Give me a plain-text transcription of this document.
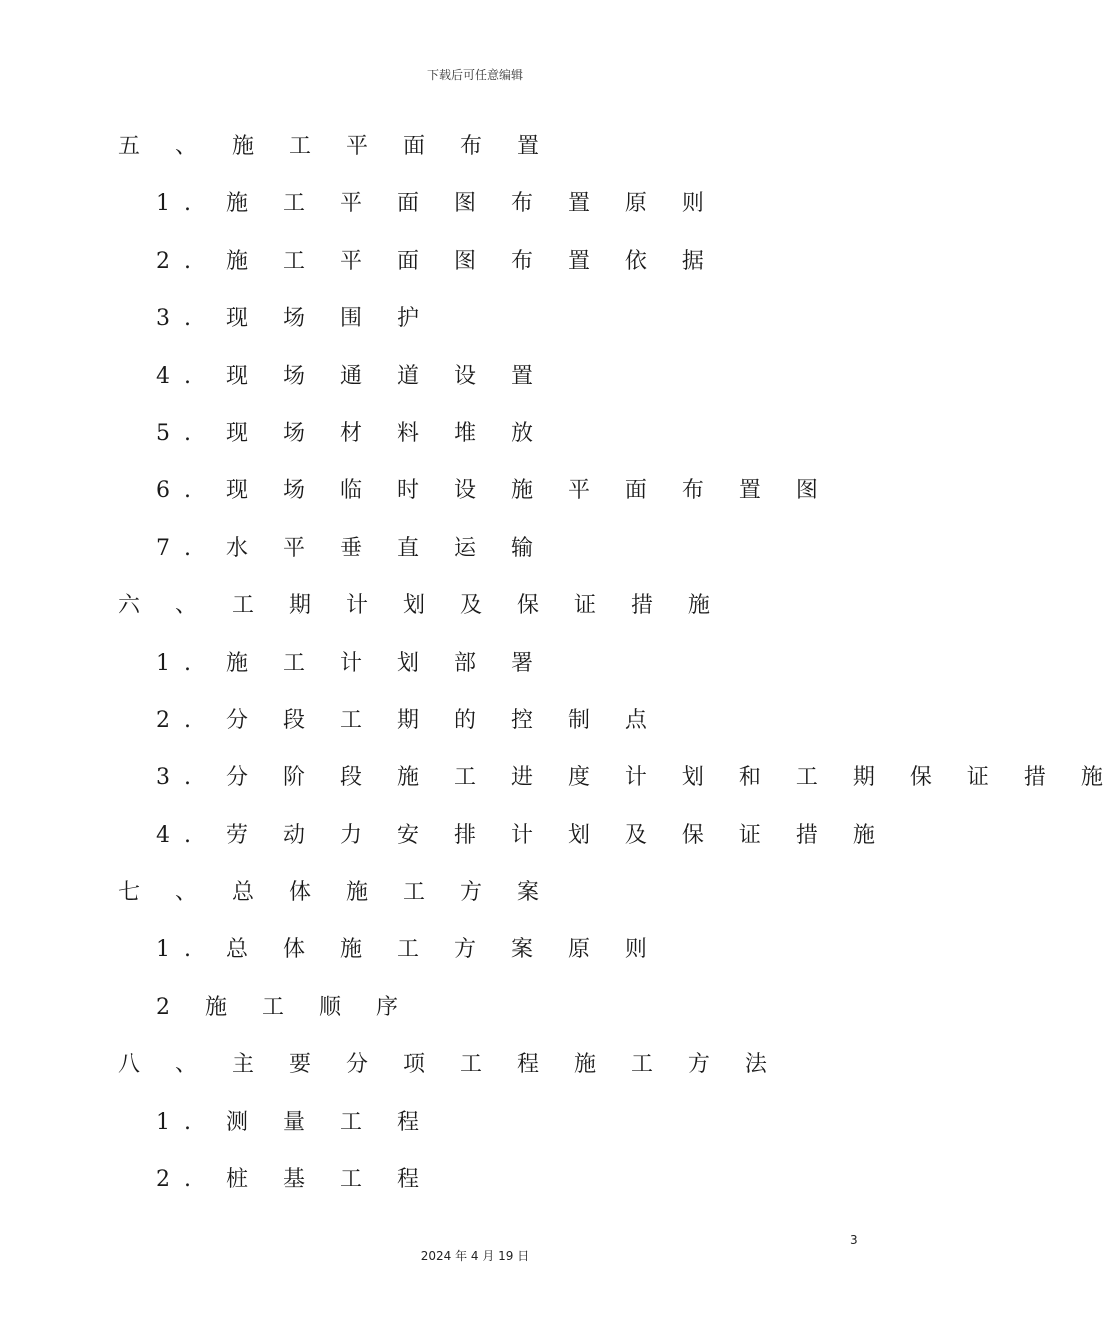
下载后可任意编辑
五 、 施 工 平 面 布 置
1. 施 工 平 面 图 布 置 原 则
2. 施 工 平 面 图 布 置 依 据
3. 现 场 围 护
4. 现 场 通 道 设 置
5. 现 场 材 料 堆 放
6. 现 场 临 时 设 施 平 面 布 置 图
7. 水 平 垂 直 运 输
六 、 工 期 计 划 及 保 证 措 施
1. 施 工 计 划 部 署
2. 分 段 工 期 的 控 制 点
3. 分 阶 段 施 工 进 度 计 划 和 工 期 保 证 措 施
4. 劳 动 力 安 排 计 划 及 保 证 措 施
七 、 总 体 施 工 方 案
1. 总 体 施 工 方 案 原 则
2 施 工 顺 序
八 、 主 要 分 项 工 程 施 工 方 法
1. 测 量 工 程
2. 桩 基 工 程
3
2024 年 4 月 19 日
